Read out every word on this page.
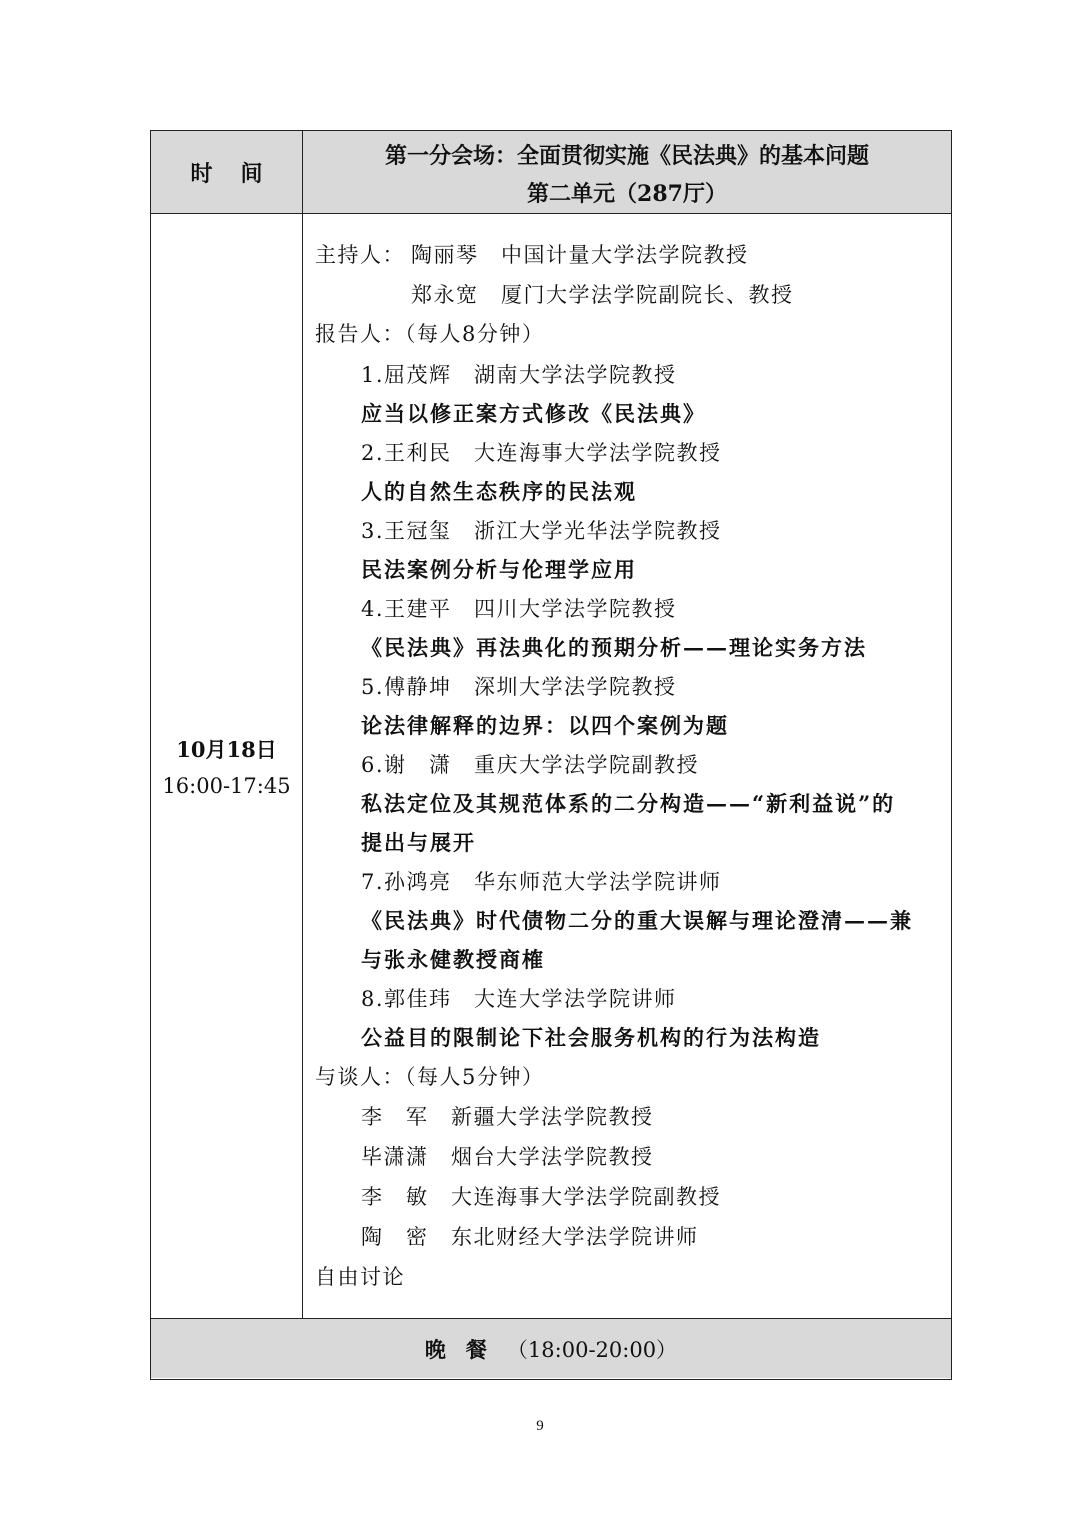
时间
第一分会场：全面贯彻实施《民法典》的基本问题
第二单元（287厅）
10月18日
16:00-17:45
主持人： 陶丽琴　中国计量大学法学院教授
郑永宽　厦门大学法学院副院长、教授
报告人：（每人8分钟）
1.屈茂辉　湖南大学法学院教授
应当以修正案方式修改《民法典》
2.王利民　大连海事大学法学院教授
人的自然生态秩序的民法观
3.王冠玺　浙江大学光华法学院教授
民法案例分析与伦理学应用
4.王建平　四川大学法学院教授
《民法典》再法典化的预期分析——理论实务方法
5.傅静坤　深圳大学法学院教授
论法律解释的边界：以四个案例为题
6.谢　潇　重庆大学法学院副教授
私法定位及其规范体系的二分构造——“新利益说”的
提出与展开
7.孙鸿亮　华东师范大学法学院讲师
《民法典》时代债物二分的重大误解与理论澄清——兼
与张永健教授商榷
8.郭佳玮　大连大学法学院讲师
公益目的限制论下社会服务机构的行为法构造
与谈人：（每人5分钟）
李　军　新疆大学法学院教授
毕潇潇　烟台大学法学院教授
李　敏　大连海事大学法学院副教授
陶　密　东北财经大学法学院讲师
自由讨论
晚餐 （18:00-20:00）
9
